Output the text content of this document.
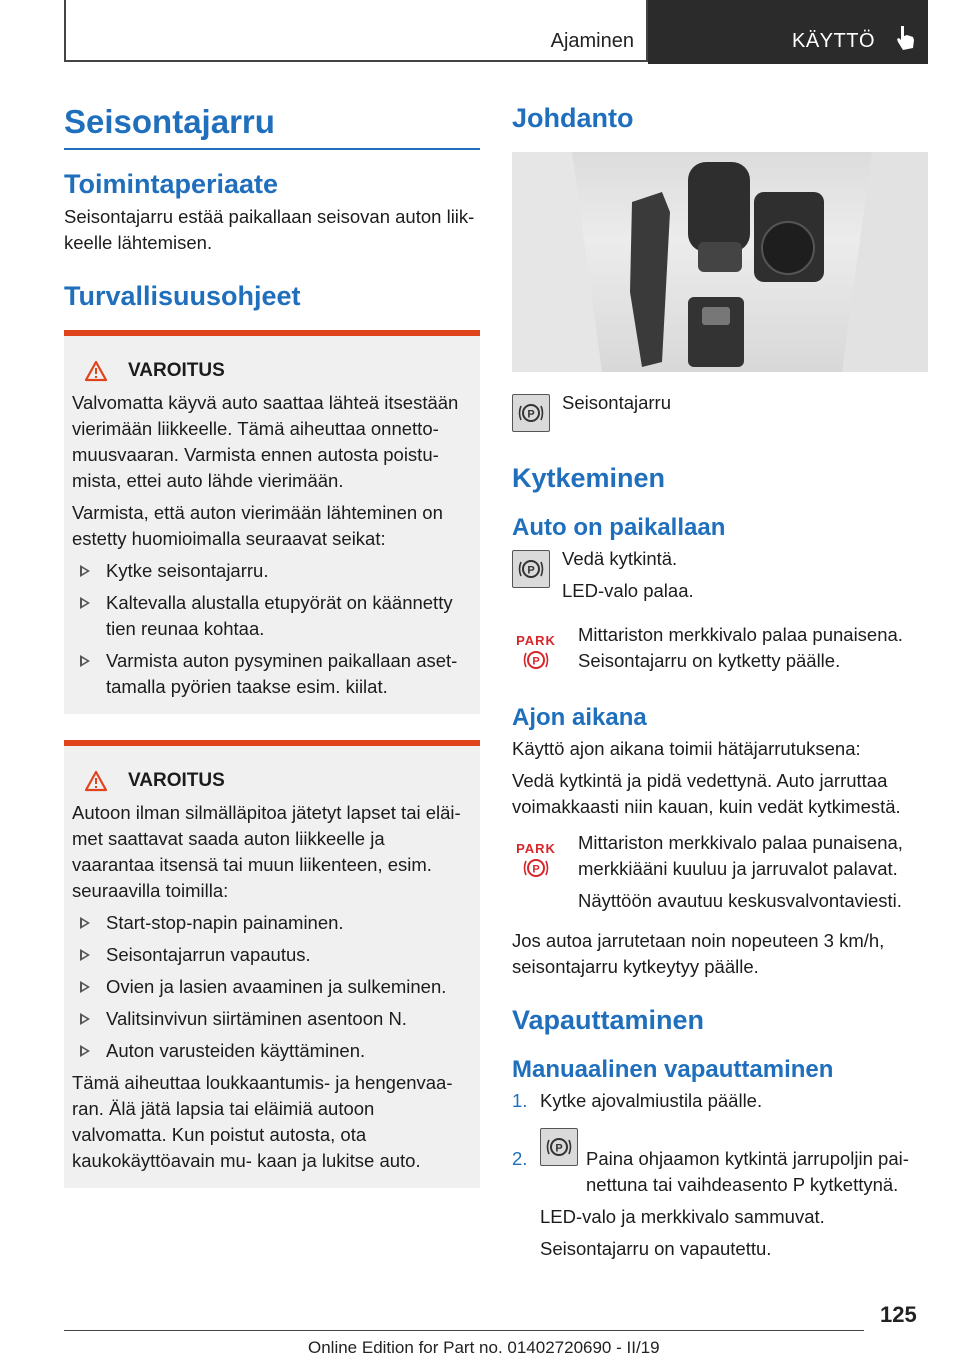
Ajaminen	KÄYTTÖ
Seisontajarru
Toimintaperiaate

Seisontajarru estää paikallaan seisovan auton liik- keelle lähtemisen.

Turvallisuusohjeet
VAROITUS

Valvomatta käyvä auto saattaa lähteä itsestään vierimään liikkeelle. Tämä aiheuttaa onnetto- muusvaaran. Varmista ennen autosta poistu- mista, ettei auto lähde vierimään.

Varmista, että auton vierimään lähteminen on estetty huomioimalla seuraavat seikat:

Kytke seisontajarru.
Kaltevalla alustalla etupyörät on käännetty tien reunaa kohtaa.
Varmista auton pysyminen paikallaan aset- tamalla pyörien taakse esim. kiilat.
VAROITUS

Autoon ilman silmälläpitoa jätetyt lapset tai eläi- met saattavat saada auton liikkeelle ja vaarantaa itsensä tai muun liikenteen, esim. seuraavilla toimilla:

Start-stop-napin painaminen.
Seisontajarrun vapautus.
Ovien ja lasien avaaminen ja sulkeminen.
Valitsinvivun siirtäminen asentoon N.
Auton varusteiden käyttäminen.

Tämä aiheuttaa loukkaantumis- ja hengenvaa- ran. Älä jätä lapsia tai eläimiä autoon valvomatta. Kun poistut autosta, ota kaukokäyttöavain mu- kaan ja lukitse auto.

Johdanto
P

Seisontajarru

Kytkeminen
Auto on paikallaan
P

Vedä kytkintä.

LED-valo palaa.

PARK
P

Mittariston merkkivalo palaa punaisena. Seisontajarru on kytketty päälle.

Ajon aikana

Käyttö ajon aikana toimii hätäjarrutuksena:

Vedä kytkintä ja pidä vedettynä. Auto jarruttaa voimakkaasti niin kauan, kuin vedät kytkimestä.

PARK
P

Mittariston merkkivalo palaa punaisena, merkkiääni kuuluu ja jarruvalot palavat.

Näyttöön avautuu keskusvalvontaviesti.

Jos autoa jarrutetaan noin nopeuteen 3 km/h, seisontajarru kytkeytyy päälle.

Vapauttaminen
Manuaalinen vapauttaminen
1. Kytke ajovalmiustila päälle.
2.	P Paina ohjaamon kytkintä jarrupoljin pai- nettuna tai vaihdeasento P kytkettynä.

LED-valo ja merkkivalo sammuvat.

Seisontajarru on vapautettu.

125
Online Edition for Part no. 01402720690 - II/19
